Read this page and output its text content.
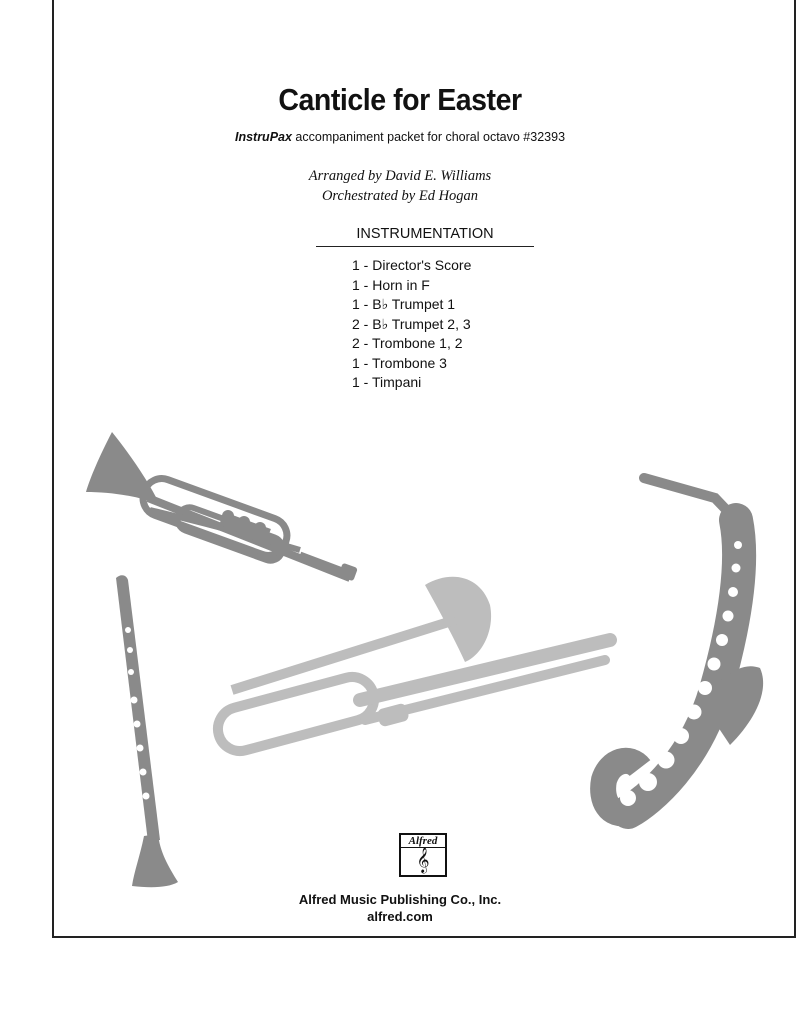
Canticle for Easter
InstruPax accompaniment packet for choral octavo #32393
Arranged by David E. Williams
Orchestrated by Ed Hogan
INSTRUMENTATION
1 - Director's Score
1 - Horn in F
1 - B♭ Trumpet 1
2 - B♭ Trumpet 2, 3
2 - Trombone 1, 2
1 - Trombone 3
1 - Timpani
Alfred
𝄞
Alfred Music Publishing Co., Inc.
alfred.com
